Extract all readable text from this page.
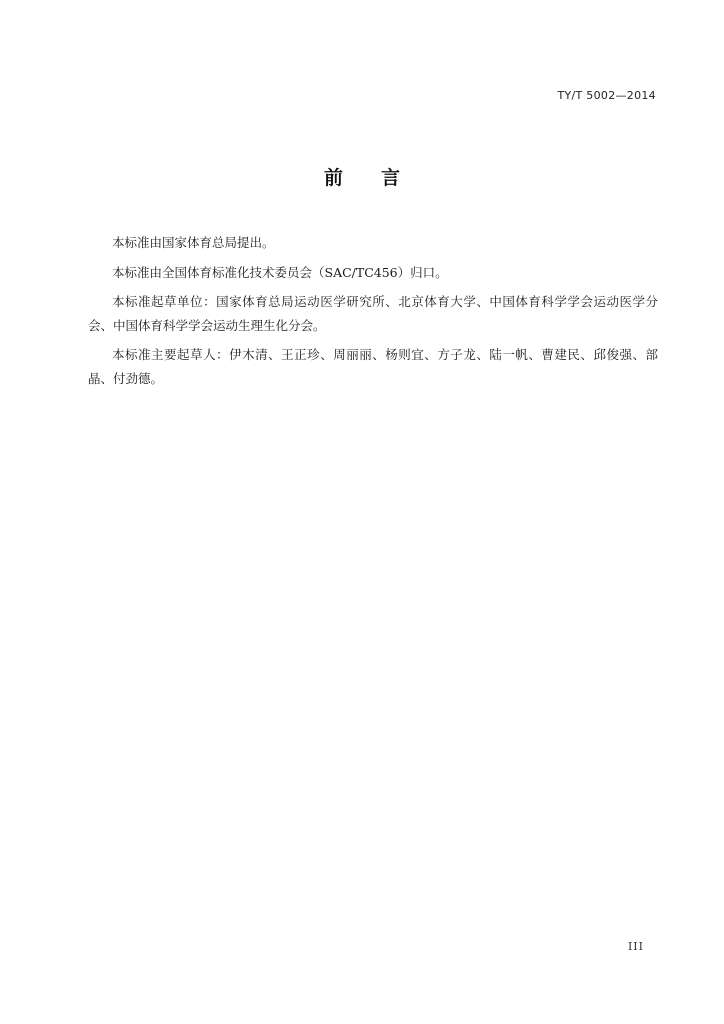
TY/T 5002—2014
前 言

本标准由国家体育总局提出。

本标准由全国体育标准化技术委员会（SAC/TC456）归口。

本标准起草单位：国家体育总局运动医学研究所、北京体育大学、中国体育科学学会运动医学分会、中国体育科学学会运动生理生化分会。

本标准主要起草人：伊木清、王正珍、周丽丽、杨则宜、方子龙、陆一帆、曹建民、邱俊强、部晶、付劲德。

III
